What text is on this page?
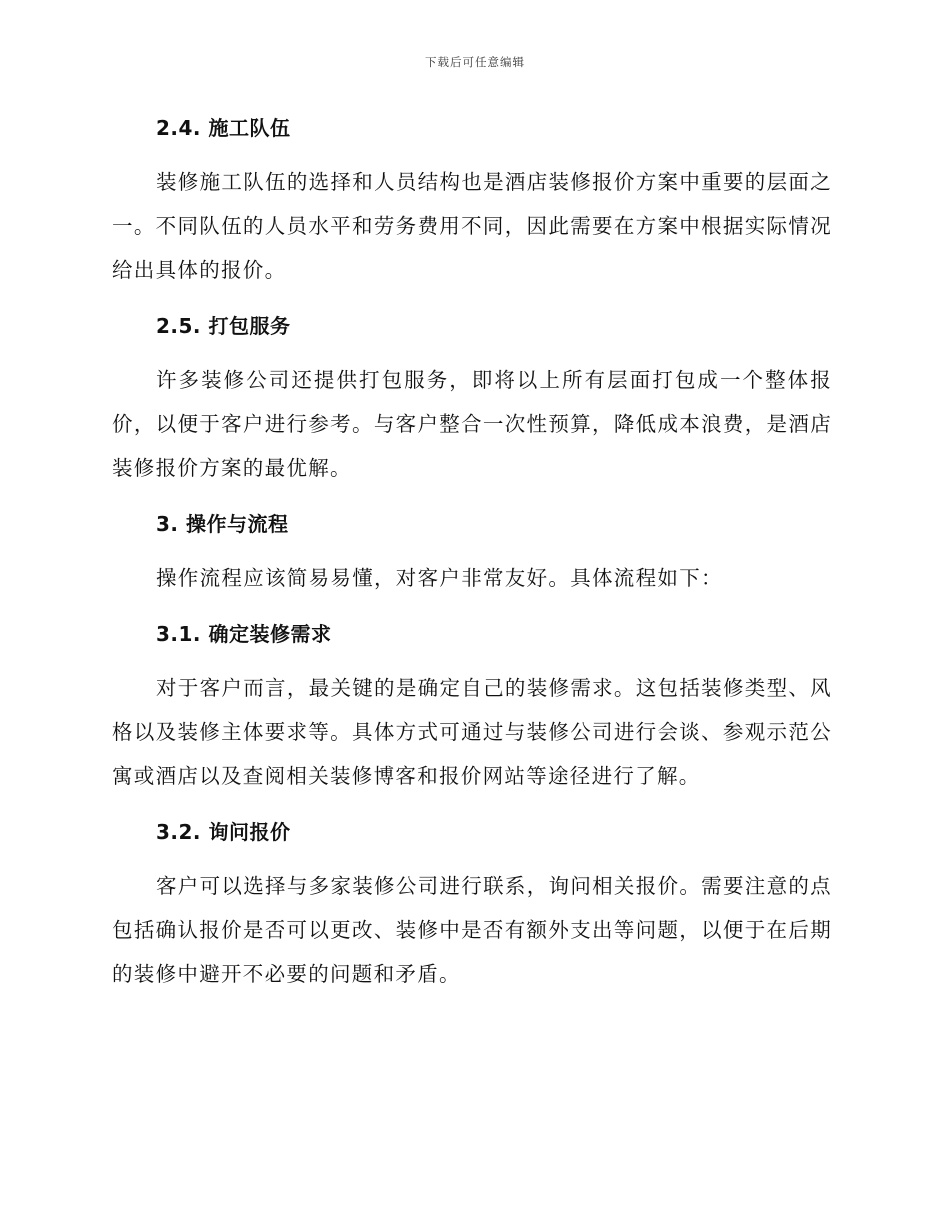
下载后可任意编辑
2.4. 施工队伍

装修施工队伍的选择和人员结构也是酒店装修报价方案中重要的层面之一。不同队伍的人员水平和劳务费用不同，因此需要在方案中根据实际情况给出具体的报价。

2.5. 打包服务

许多装修公司还提供打包服务，即将以上所有层面打包成一个整体报价，以便于客户进行参考。与客户整合一次性预算，降低成本浪费，是酒店装修报价方案的最优解。

3. 操作与流程

操作流程应该简易易懂，对客户非常友好。具体流程如下：

3.1. 确定装修需求

对于客户而言，最关键的是确定自己的装修需求。这包括装修类型、风格以及装修主体要求等。具体方式可通过与装修公司进行会谈、参观示范公寓或酒店以及查阅相关装修博客和报价网站等途径进行了解。

3.2. 询问报价

客户可以选择与多家装修公司进行联系，询问相关报价。需要注意的点包括确认报价是否可以更改、装修中是否有额外支出等问题，以便于在后期的装修中避开不必要的问题和矛盾。
